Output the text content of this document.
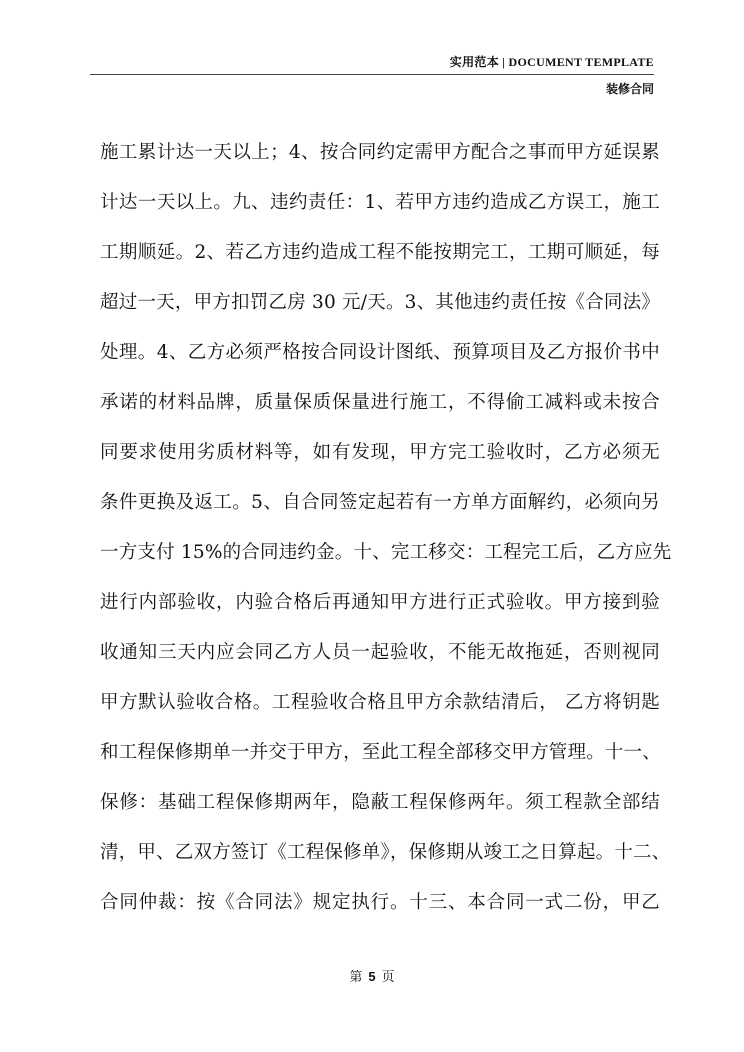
实用范本 | DOCUMENT TEMPLATE
装修合同
施工累计达一天以上；4、按合同约定需甲方配合之事而甲方延误累
计达一天以上。九、违约责任：1、若甲方违约造成乙方误工，施工
工期顺延。2、若乙方违约造成工程不能按期完工，工期可顺延，每
超过一天，甲方扣罚乙房 30 元/天。3、其他违约责任按《合同法》
处理。4、乙方必须严格按合同设计图纸、预算项目及乙方报价书中
承诺的材料品牌，质量保质保量进行施工，不得偷工减料或未按合
同要求使用劣质材料等，如有发现，甲方完工验收时，乙方必须无
条件更换及返工。5、自合同签定起若有一方单方面解约，必须向另
一方支付 15%的合同违约金。十、完工移交：工程完工后，乙方应先
进行内部验收，内验合格后再通知甲方进行正式验收。甲方接到验
收通知三天内应会同乙方人员一起验收，不能无故拖延，否则视同
甲方默认验收合格。工程验收合格且甲方余款结清后， 乙方将钥匙
和工程保修期单一并交于甲方，至此工程全部移交甲方管理。十一、
保修：基础工程保修期两年，隐蔽工程保修两年。须工程款全部结
清，甲、乙双方签订《工程保修单》，保修期从竣工之日算起。十二、
合同仲裁：按《合同法》规定执行。十三、本合同一式二份，甲乙
第 5 页
